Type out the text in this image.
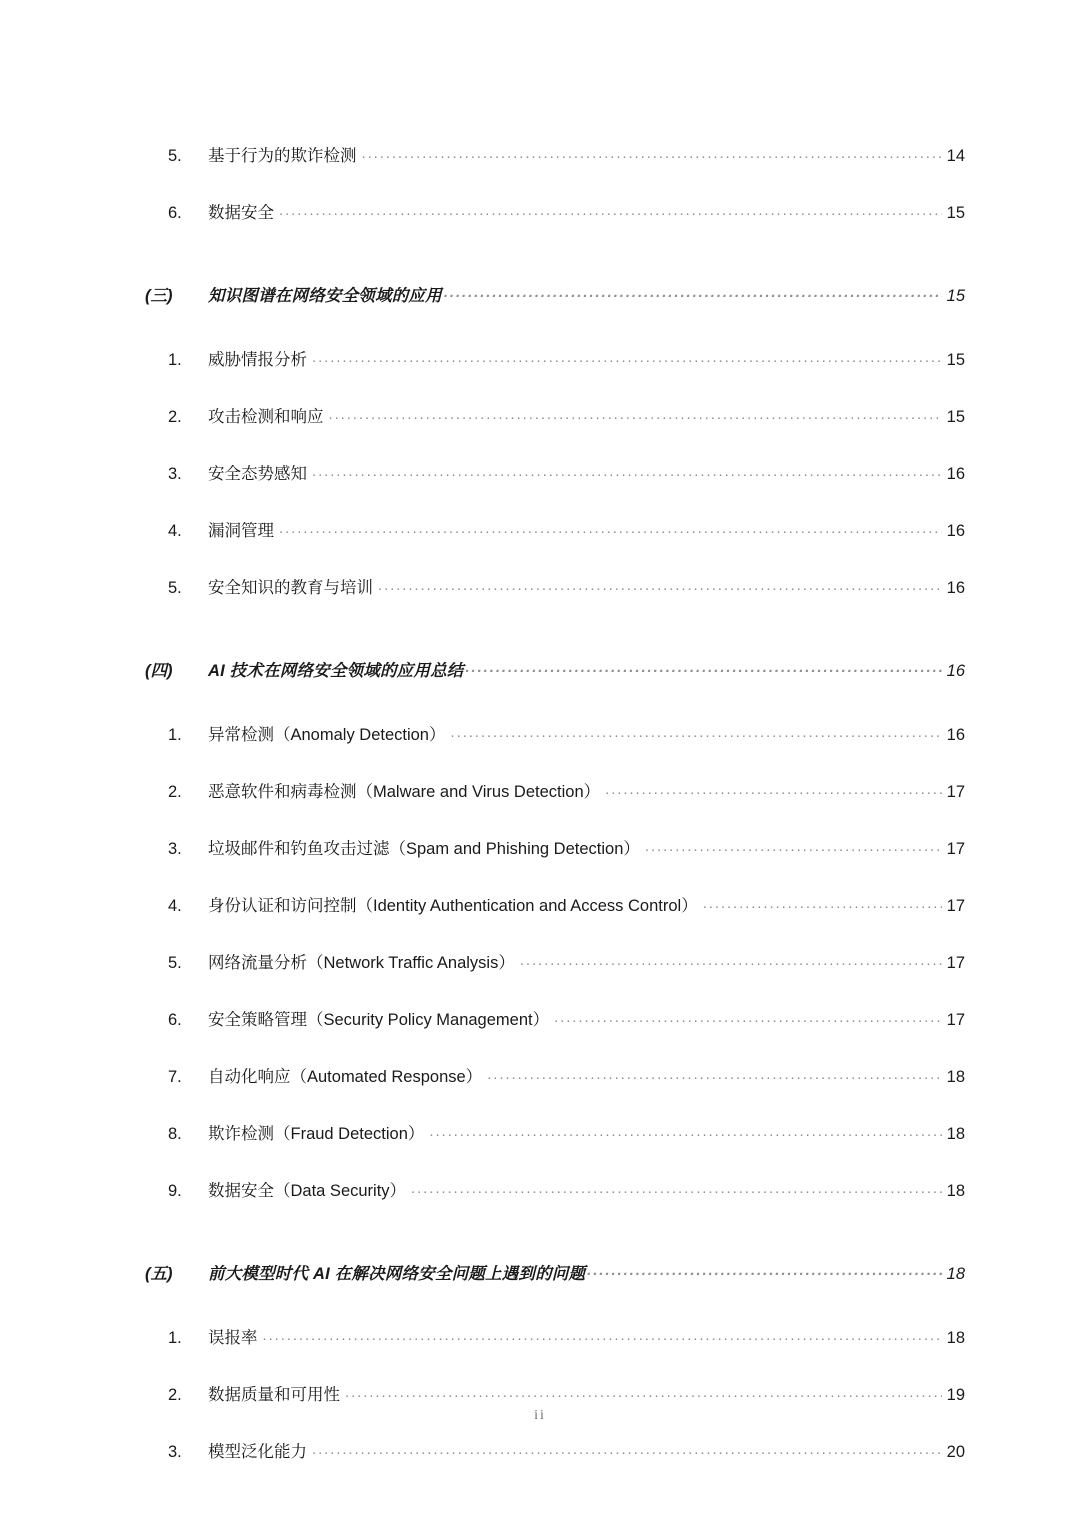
5.	基于行为的欺诈检测 .....	14
6.	数据安全 .....	15
(三)	知识图谱在网络安全领域的应用 .....	15
1.	威胁情报分析 .....	15
2.	攻击检测和响应 .....	15
3.	安全态势感知 .....	16
4.	漏洞管理 .....	16
5.	安全知识的教育与培训 .....	16
(四)	AI 技术在网络安全领域的应用总结 .....	16
1.	异常检测（Anomaly Detection） .....	16
2.	恶意软件和病毒检测（Malware and Virus Detection） .....	17
3.	垃圾邮件和钓鱼攻击过滤（Spam and Phishing Detection） .....	17
4.	身份认证和访问控制（Identity Authentication and Access Control） .....	17
5.	网络流量分析（Network Traffic Analysis） .....	17
6.	安全策略管理（Security Policy Management） .....	17
7.	自动化响应（Automated Response） .....	18
8.	欺诈检测（Fraud Detection） .....	18
9.	数据安全（Data Security） .....	18
(五)	前大模型时代 AI 在解决网络安全问题上遇到的问题 .....	18
1.	误报率 .....	18
2.	数据质量和可用性 .....	19
3.	模型泛化能力 .....	20
ii
